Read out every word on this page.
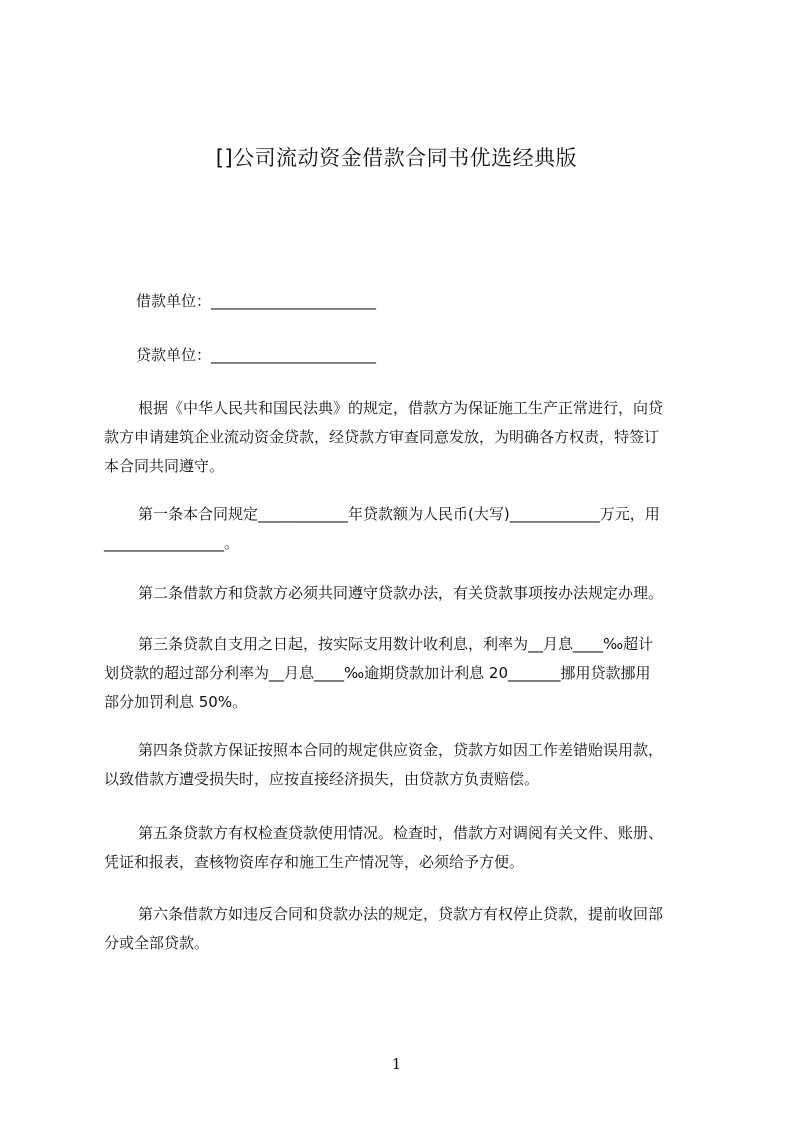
[]公司流动资金借款合同书优选经典版
借款单位：______________________
贷款单位：______________________
根据《中华人民共和国民法典》的规定，借款方为保证施工生产正常进行，向贷
款方申请建筑企业流动资金贷款，经贷款方审查同意发放，为明确各方权责，特签订
本合同共同遵守。
第一条本合同规定____________年贷款额为人民币(大写)____________万元，用
________________。
第二条借款方和贷款方必须共同遵守贷款办法，有关贷款事项按办法规定办理。
第三条贷款自支用之日起，按实际支用数计收利息，利率为__月息____‰超计
划贷款的超过部分利率为__月息____‰逾期贷款加计利息 20_______挪用贷款挪用
部分加罚利息 50%。
第四条贷款方保证按照本合同的规定供应资金，贷款方如因工作差错贻误用款，
以致借款方遭受损失时，应按直接经济损失，由贷款方负责赔偿。
第五条贷款方有权检查贷款使用情况。检查时，借款方对调阅有关文件、账册、
凭证和报表，查核物资库存和施工生产情况等，必须给予方便。
第六条借款方如违反合同和贷款办法的规定，贷款方有权停止贷款，提前收回部
分或全部贷款。
1
